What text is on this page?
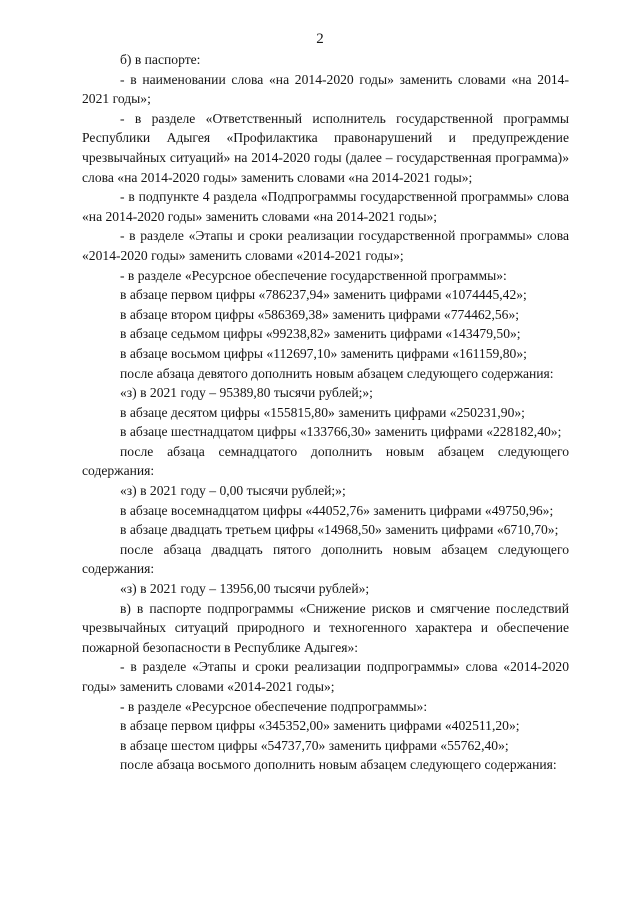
2

б) в паспорте:

- в наименовании слова «на 2014-2020 годы» заменить словами «на 2014-2021 годы»;

- в разделе «Ответственный исполнитель государственной программы Республики Адыгея «Профилактика правонарушений и предупреждение чрезвычайных ситуаций» на 2014-2020 годы (далее – государственная программа)» слова «на 2014-2020 годы» заменить словами «на 2014-2021 годы»;

- в подпункте 4 раздела «Подпрограммы государственной программы» слова «на 2014-2020 годы» заменить словами «на 2014-2021 годы»;

- в разделе «Этапы и сроки реализации государственной программы» слова «2014-2020 годы» заменить словами «2014-2021 годы»;

- в разделе «Ресурсное обеспечение государственной программы»:

в абзаце первом цифры «786237,94» заменить цифрами «1074445,42»;

в абзаце втором цифры «586369,38» заменить цифрами «774462,56»;

в абзаце седьмом цифры «99238,82» заменить цифрами «143479,50»;

в абзаце восьмом цифры «112697,10» заменить цифрами «161159,80»;

после абзаца девятого дополнить новым абзацем следующего содержания:

«з) в 2021 году – 95389,80 тысячи рублей;»;

в абзаце десятом цифры «155815,80» заменить цифрами «250231,90»;

в абзаце шестнадцатом цифры «133766,30» заменить цифрами «228182,40»;

после абзаца семнадцатого дополнить новым абзацем следующего содержания:

«з) в 2021 году – 0,00 тысячи рублей;»;

в абзаце восемнадцатом цифры «44052,76» заменить цифрами «49750,96»;

в абзаце двадцать третьем цифры «14968,50» заменить цифрами «6710,70»;

после абзаца двадцать пятого дополнить новым абзацем следующего содержания:

«з) в 2021 году – 13956,00 тысячи рублей»;

в) в паспорте подпрограммы «Снижение рисков и смягчение последствий чрезвычайных ситуаций природного и техногенного характера и обеспечение пожарной безопасности в Республике Адыгея»:

- в разделе «Этапы и сроки реализации подпрограммы» слова «2014-2020 годы» заменить словами «2014-2021 годы»;

- в разделе «Ресурсное обеспечение подпрограммы»:

в абзаце первом цифры «345352,00» заменить цифрами «402511,20»;

в абзаце шестом цифры «54737,70» заменить цифрами «55762,40»;

после абзаца восьмого дополнить новым абзацем следующего содержания:
